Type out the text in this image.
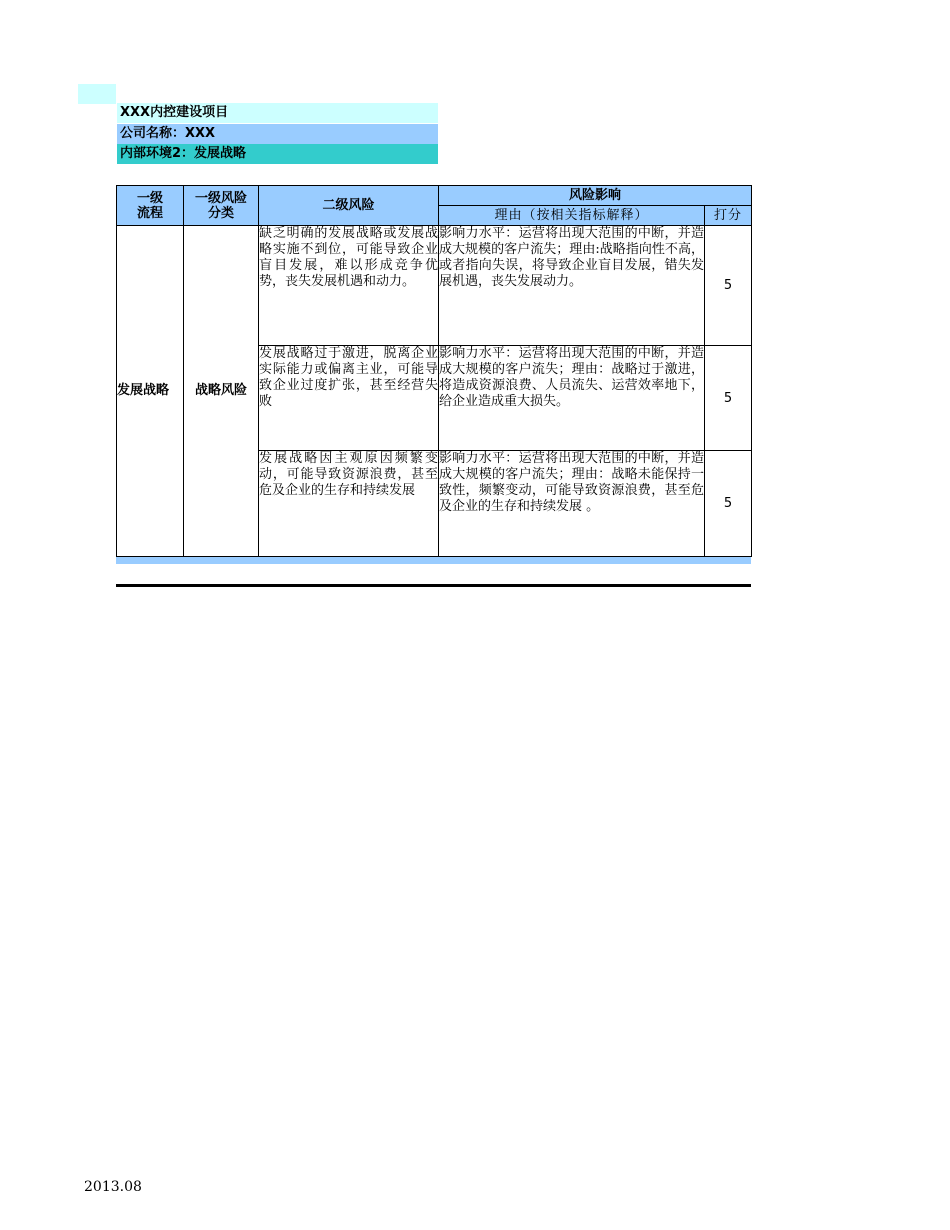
XXX内控建设项目
公司名称：XXX
内部环境2：发展战略
一级流程	一级风险分类	二级风险	风险影响	
			理由（按相关指标解释）	打分
发展战略	战略风险	缺乏明确的发展战略或发展战略实施不到位，可能导致企业盲目发展，难以形成竞争优势，丧失发展机遇和动力。	影响力水平：运营将出现大范围的中断，并造成大规模的客户流失；理由:战略指向性不高，或者指向失误，将导致企业盲目发展，错失发展机遇，丧失发展动力。	5
		发展战略过于激进，脱离企业实际能力或偏离主业，可能导致企业过度扩张，甚至经营失败	影响力水平：运营将出现大范围的中断，并造成大规模的客户流失；理由：战略过于激进，将造成资源浪费、人员流失、运营效率地下，给企业造成重大损失。	5
		发展战略因主观原因频繁变动，可能导致资源浪费，甚至危及企业的生存和持续发展	影响力水平：运营将出现大范围的中断，并造成大规模的客户流失；理由：战略未能保持一致性，频繁变动，可能导致资源浪费，甚至危及企业的生存和持续发展 。	5
2013.08
